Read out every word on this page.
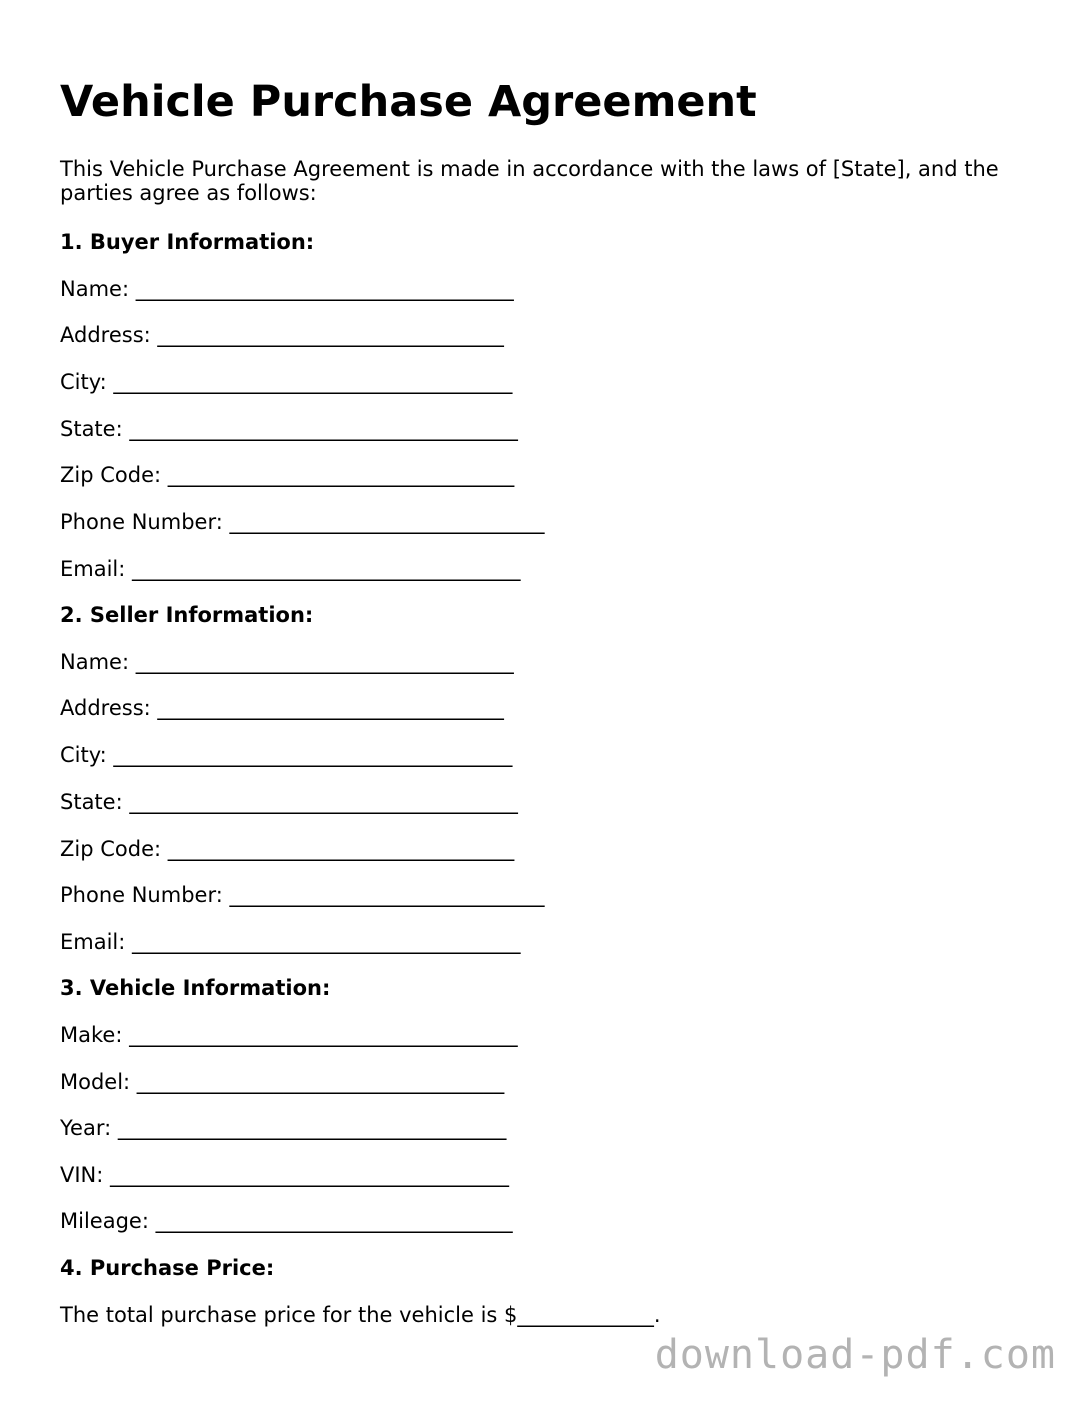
Vehicle Purchase Agreement

This Vehicle Purchase Agreement is made in accordance with the laws of [State], and the parties agree as follows:

1. Buyer Information:
Name: ____________________________________
Address: _________________________________
City: ______________________________________
State: _____________________________________
Zip Code: _________________________________
Phone Number: ______________________________
Email: _____________________________________
2. Seller Information:
Name: ____________________________________
Address: _________________________________
City: ______________________________________
State: _____________________________________
Zip Code: _________________________________
Phone Number: ______________________________
Email: _____________________________________
3. Vehicle Information:
Make: _____________________________________
Model: ___________________________________
Year: _____________________________________
VIN: ______________________________________
Mileage: __________________________________
4. Purchase Price:
The total purchase price for the vehicle is $_____________.
download-pdf.com
